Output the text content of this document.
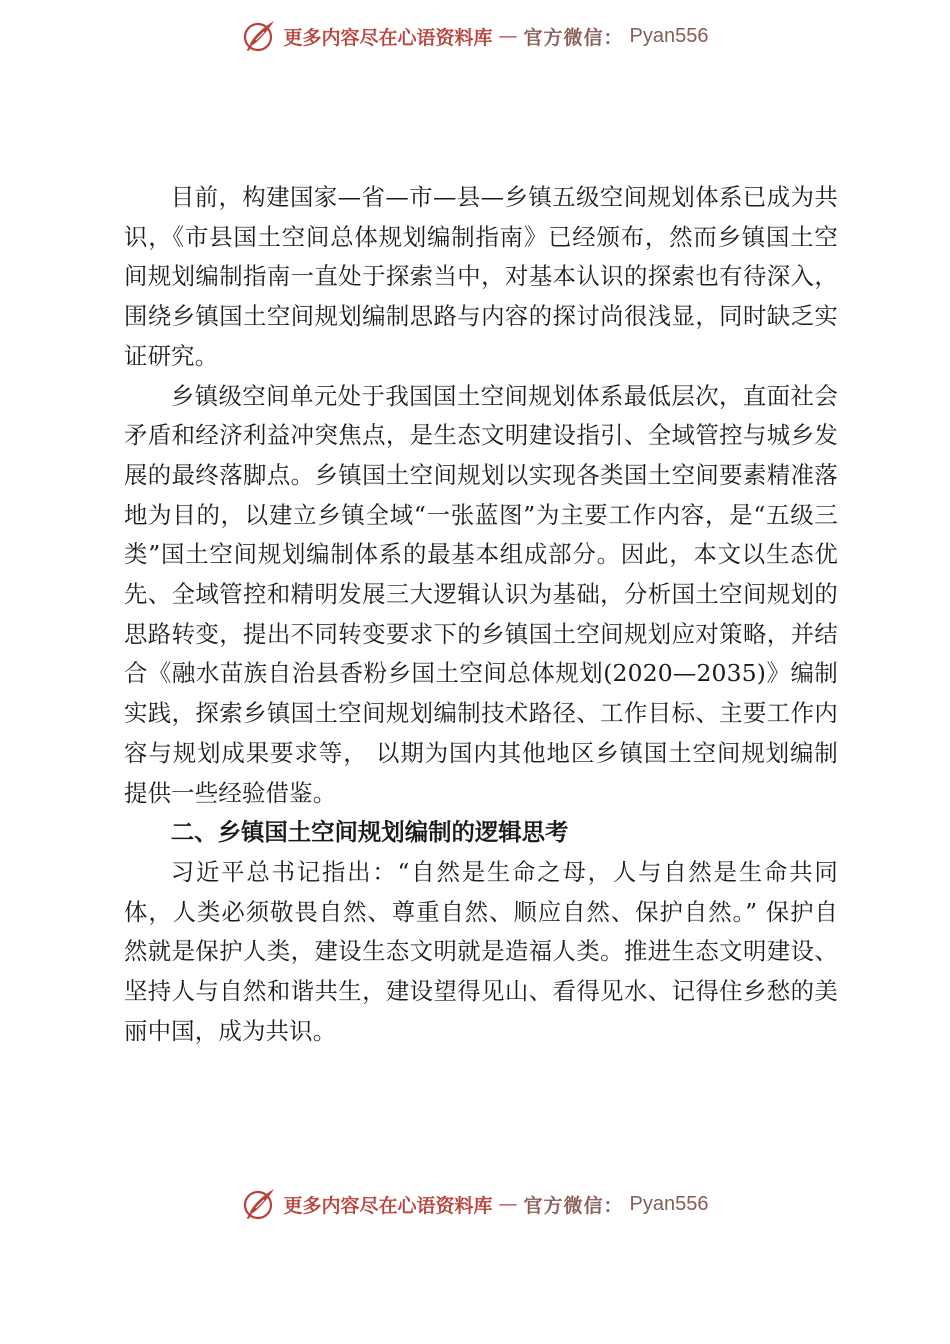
更多内容尽在心语资料库 — 官方微信： Pyan556

目前，构建国家—省—市—县—乡镇五级空间规划体系已成为共识，《市县国土空间总体规划编制指南》已经颁布，然而乡镇国土空间规划编制指南一直处于探索当中，对基本认识的探索也有待深入，围绕乡镇国土空间规划编制思路与内容的探讨尚很浅显，同时缺乏实证研究。

乡镇级空间单元处于我国国土空间规划体系最低层次，直面社会矛盾和经济利益冲突焦点，是生态文明建设指引、全域管控与城乡发展的最终落脚点。乡镇国土空间规划以实现各类国土空间要素精准落地为目的，以建立乡镇全域“一张蓝图”为主要工作内容，是“五级三类”国土空间规划编制体系的最基本组成部分。因此，本文以生态优先、全域管控和精明发展三大逻辑认识为基础，分析国土空间规划的思路转变，提出不同转变要求下的乡镇国土空间规划应对策略，并结合《融水苗族自治县香粉乡国土空间总体规划(2020—2035)》编制实践，探索乡镇国土空间规划编制技术路径、工作目标、主要工作内容与规划成果要求等， 以期为国内其他地区乡镇国土空间规划编制提供一些经验借鉴。

二、乡镇国土空间规划编制的逻辑思考

习近平总书记指出：“自然是生命之母，人与自然是生命共同体，人类必须敬畏自然、尊重自然、顺应自然、保护自然。” 保护自然就是保护人类，建设生态文明就是造福人类。推进生态文明建设、坚持人与自然和谐共生，建设望得见山、看得见水、记得住乡愁的美丽中国，成为共识。

更多内容尽在心语资料库 — 官方微信： Pyan556
